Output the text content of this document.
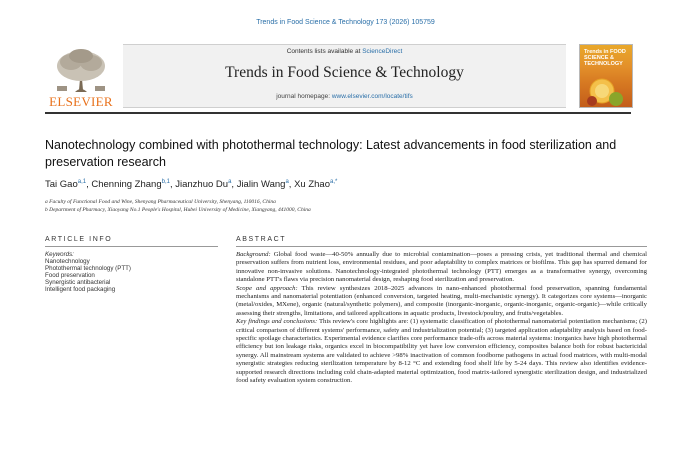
Trends in Food Science & Technology 173 (2026) 105759
ELSEVIER
Contents lists available at ScienceDirect
Trends in Food Science & Technology
journal homepage: www.elsevier.com/locate/tifs
Trends in FOOD SCIENCE & TECHNOLOGY
Nanotechnology combined with photothermal technology: Latest advancements in food sterilization and preservation research
Tai Gao$^{a,1}$, Chenning Zhang$^{b,1}$, Jianzhuo Du$^a$, Jialin Wang$^a$, Xu Zhao$^{a,*}$
a Faculty of Functional Food and Wine, Shenyang Pharmaceutical University, Shenyang, 110016, China
b Department of Pharmacy, Xiaoyang No.1 People's Hospital, Hubei University of Medicine, Xiangyang, 441000, China
ARTICLE INFO	ABSTRACT
Keywords:
Nanotechnology
Photothermal technology (PTT)
Food preservation
Synergistic antibacterial
Intelligent food packaging

Background: Global food waste—40-50% annually due to microbial contamination—poses a pressing crisis, yet traditional thermal and chemical preservation suffers from nutrient loss, environmental residues, and poor adaptability to complex matrices or biofilms. This gap has spurred demand for innovative non-invasive solutions. Nanotechnology-integrated photothermal technology (PTT) emerges as a transformative synergy, overcoming standalone PTT's flaws via precision nanomaterial design, reshaping food sterilization and preservation.

Scope and approach: This review synthesizes 2018–2025 advances in nano-enhanced photothermal food preservation, spanning fundamental mechanisms and nanomaterial potentiation (enhanced conversion, targeted heating, multi-mechanistic synergy). It categorizes core systems—inorganic (metal/oxides, MXene), organic (natural/synthetic polymers), and composite (inorganic-inorganic, organic-inorganic, organic-organic)—while critically assessing their strengths, limitations, and tailored applications in aquatic products, livestock/poultry, and fruits/vegetables.

Key findings and conclusions: This review's core highlights are: (1) systematic classification of photothermal nanomaterial potentiation mechanisms; (2) critical comparison of different systems' performance, safety and industrialization potential; (3) targeted application adaptability analysis based on food-specific spoilage characteristics. Experimental evidence clarifies core performance trade-offs across material systems: inorganics have high photothermal efficiency but ion leakage risks, organics excel in biocompatibility yet have low conversion efficiency, composites balance both for robust bactericidal synergy. All mainstream systems are validated to achieve >98% inactivation of common foodborne pathogens in actual food matrices, with multi-modal synergistic strategies reducing sterilization temperature by 8-12 °C and extending food shelf life by 5-24 days. This review also identifies evidence-supported research directions including cold chain-adapted material optimization, food matrix-tailored synergistic sterilization design, and industrialized food safety evaluation system construction.
